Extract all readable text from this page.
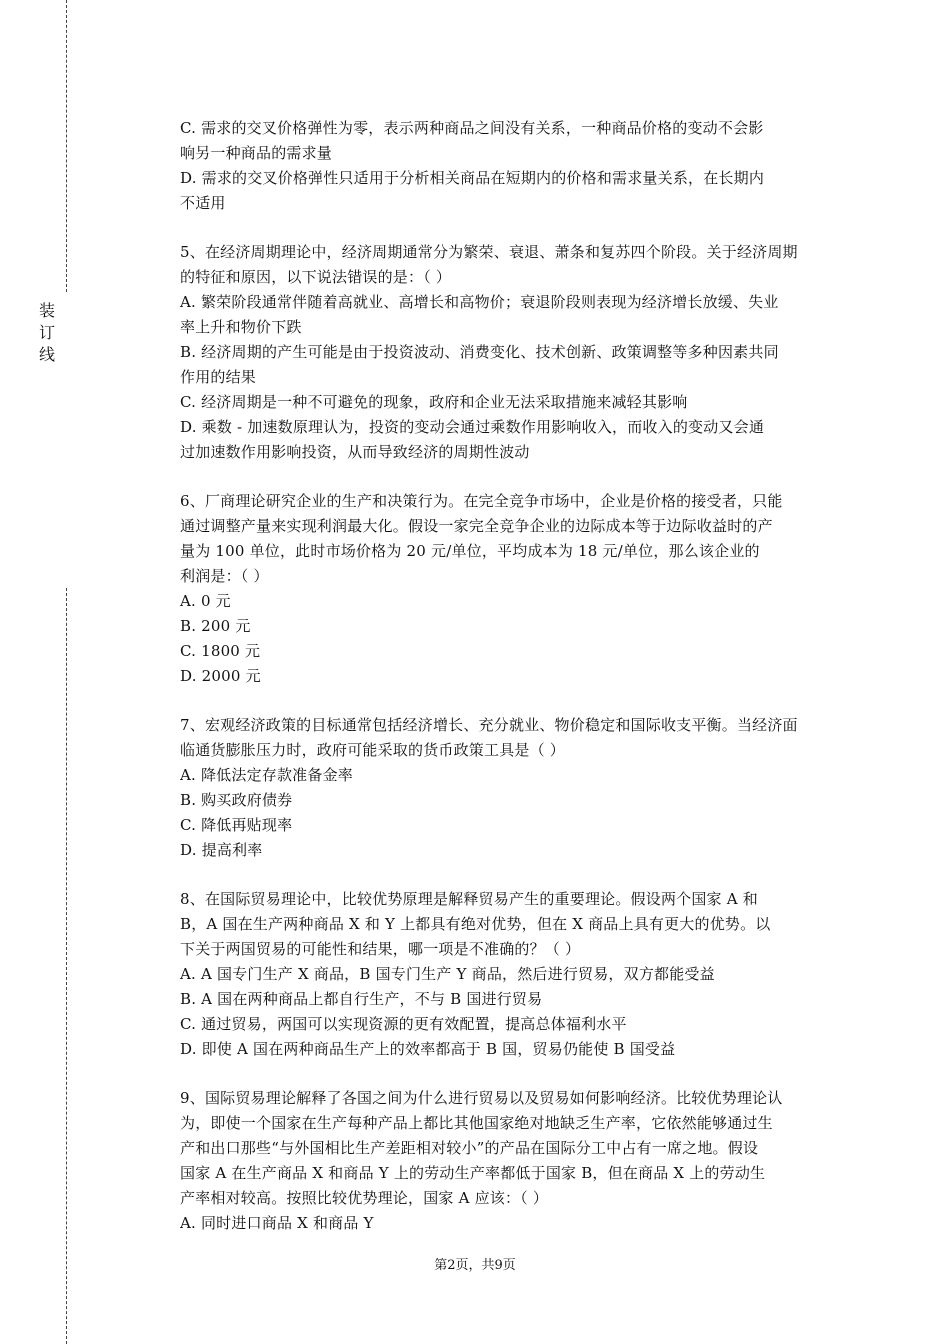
装订线
C. 需求的交叉价格弹性为零，表示两种商品之间没有关系，一种商品价格的变动不会影
响另一种商品的需求量
D. 需求的交叉价格弹性只适用于分析相关商品在短期内的价格和需求量关系，在长期内
不适用
5、在经济周期理论中，经济周期通常分为繁荣、衰退、萧条和复苏四个阶段。关于经济周期
的特征和原因，以下说法错误的是：（ ）
A. 繁荣阶段通常伴随着高就业、高增长和高物价；衰退阶段则表现为经济增长放缓、失业
率上升和物价下跌
B. 经济周期的产生可能是由于投资波动、消费变化、技术创新、政策调整等多种因素共同
作用的结果
C. 经济周期是一种不可避免的现象，政府和企业无法采取措施来减轻其影响
D. 乘数 - 加速数原理认为，投资的变动会通过乘数作用影响收入，而收入的变动又会通
过加速数作用影响投资，从而导致经济的周期性波动
6、厂商理论研究企业的生产和决策行为。在完全竞争市场中，企业是价格的接受者，只能
通过调整产量来实现利润最大化。假设一家完全竞争企业的边际成本等于边际收益时的产
量为 100 单位，此时市场价格为 20 元/单位，平均成本为 18 元/单位，那么该企业的
利润是：（ ）
A. 0 元
B. 200 元
C. 1800 元
D. 2000 元
7、宏观经济政策的目标通常包括经济增长、充分就业、物价稳定和国际收支平衡。当经济面
临通货膨胀压力时，政府可能采取的货币政策工具是（ ）
A. 降低法定存款准备金率
B. 购买政府债券
C. 降低再贴现率
D. 提高利率
8、在国际贸易理论中，比较优势原理是解释贸易产生的重要理论。假设两个国家 A 和
B，A 国在生产两种商品 X 和 Y 上都具有绝对优势，但在 X 商品上具有更大的优势。以
下关于两国贸易的可能性和结果，哪一项是不准确的？（ ）
A. A 国专门生产 X 商品，B 国专门生产 Y 商品，然后进行贸易，双方都能受益
B. A 国在两种商品上都自行生产，不与 B 国进行贸易
C. 通过贸易，两国可以实现资源的更有效配置，提高总体福利水平
D. 即使 A 国在两种商品生产上的效率都高于 B 国，贸易仍能使 B 国受益
9、国际贸易理论解释了各国之间为什么进行贸易以及贸易如何影响经济。比较优势理论认
为，即使一个国家在生产每种产品上都比其他国家绝对地缺乏生产率，它依然能够通过生
产和出口那些“与外国相比生产差距相对较小”的产品在国际分工中占有一席之地。假设
国家 A 在生产商品 X 和商品 Y 上的劳动生产率都低于国家 B，但在商品 X 上的劳动生
产率相对较高。按照比较优势理论，国家 A 应该：（ ）
A. 同时进口商品 X 和商品 Y
第2页，共9页
